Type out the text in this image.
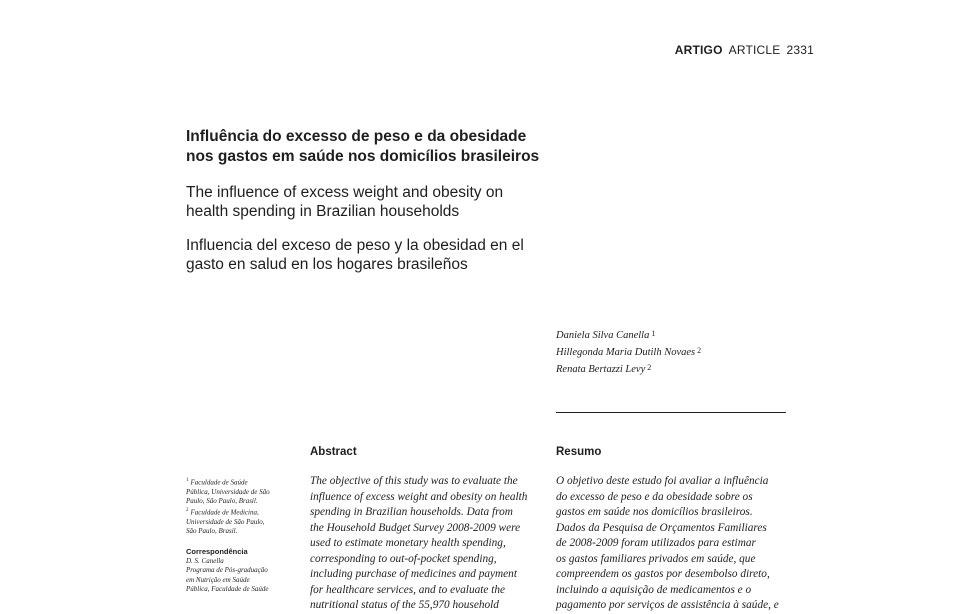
ARTIGO ARTICLE 2331
Influência do excesso de peso e da obesidade
nos gastos em saúde nos domicílios brasileiros
The influence of excess weight and obesity on
health spending in Brazilian households
Influencia del exceso de peso y la obesidad en el
gasto en salud en los hogares brasileños
Daniela Silva Canella $^1$
Hillegonda Maria Dutilh Novaes $^2$
Renata Bertazzi Levy $^2$
Abstract	Resumo
$^1$ Faculdade de Saúde
Pública, Universidade de São
Paulo, São Paulo, Brasil.
$^2$ Faculdade de Medicina,
Universidade de São Paulo,
São Paulo, Brasil.
Correspondência
D. S. Canella
Programa de Pós-graduação
em Nutrição em Saúde
Pública, Faculdade de Saúde
The objective of this study was to evaluate the
influence of excess weight and obesity on health
spending in Brazilian households. Data from
the Household Budget Survey 2008-2009 were
used to estimate monetary health spending,
corresponding to out-of-pocket spending,
including purchase of medicines and payment
for healthcare services, and to evaluate the
nutritional status of the 55,970 household
O objetivo deste estudo foi avaliar a influência
do excesso de peso e da obesidade sobre os
gastos em saúde nos domicílios brasileiros.
Dados da Pesquisa de Orçamentos Familiares
de 2008-2009 foram utilizados para estimar
os gastos familiares privados em saúde, que
compreendem os gastos por desembolso direto,
incluindo a aquisição de medicamentos e o
pagamento por serviços de assistência à saúde, e
